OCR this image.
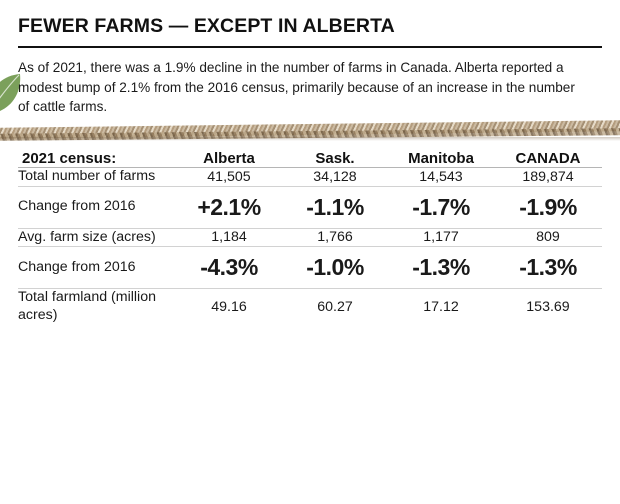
FEWER FARMS — EXCEPT IN ALBERTA

As of 2021, there was a 1.9% decline in the number of farms in Canada. Alberta reported a modest bump of 2.1% from the 2016 census, primarily because of an increase in the number of cattle farms.

2021 census:	Alberta	Sask.	Manitoba	CANADA
Total number of farms	41,505	34,128	14,543	189,874
Change from 2016	+2.1%	-1.1%	-1.7%	-1.9%
Avg. farm size (acres)	1,184	1,766	1,177	809
Change from 2016	-4.3%	-1.0%	-1.3%	-1.3%
Total farmland (million acres)	49.16	60.27	17.12	153.69
